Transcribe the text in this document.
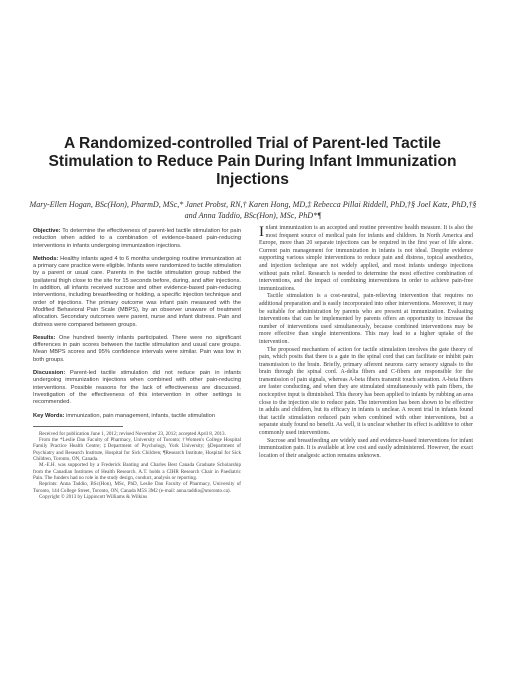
A Randomized-controlled Trial of Parent-led Tactile Stimulation to Reduce Pain During Infant Immunization Injections

Mary-Ellen Hogan, BSc(Hon), PharmD, MSc,* Janet Probst, RN,† Karen Hong, MD,‡ Rebecca Pillai Riddell, PhD,†§ Joel Katz, PhD,†§ and Anna Taddio, BSc(Hon), MSc, PhD*¶

Objective: To determine the effectiveness of parent-led tactile stimulation for pain reduction when added to a combination of evidence-based pain-reducing interventions in infants undergoing immunization injections.

Methods: Healthy infants aged 4 to 6 months undergoing routine immunization at a primary care practice were eligible. Infants were randomized to tactile stimulation by a parent or usual care. Parents in the tactile stimulation group rubbed the ipsilateral thigh close to the site for 15 seconds before, during, and after injections. In addition, all infants received sucrose and other evidence-based pain-reducing interventions, including breastfeeding or holding, a specific injection technique and order of injections. The primary outcome was infant pain measured with the Modified Behavioral Pain Scale (MBPS), by an observer unaware of treatment allocation. Secondary outcomes were parent, nurse and infant distress. Pain and distress were compared between groups.

Results: One hundred twenty infants participated. There were no significant differences in pain scores between the tactile stimulation and usual care groups. Mean MBPS scores and 95% confidence intervals were similar. Pain was low in both groups.

Discussion: Parent-led tactile stimulation did not reduce pain in infants undergoing immunization injections when combined with other pain-reducing interventions. Possible reasons for the lack of effectiveness are discussed. Investigation of the effectiveness of this intervention in other settings is recommended.

Key Words: immunization, pain management, infants, tactile stimulation

Received for publication June 1, 2012; revised November 23, 2012; accepted April 8, 2013.

From the *Leslie Dan Faculty of Pharmacy, University of Toronto; †Women's College Hospital Family Practice Health Centre; ‡Department of Psychology, York University; §Department of Psychiatry and Research Institute, Hospital for Sick Children; ¶Research Institute, Hospital for Sick Children, Toronto, ON, Canada.

M.-E.H. was supported by a Frederick Banting and Charles Best Canada Graduate Scholarship from the Canadian Institutes of Health Research. A.T. holds a CIHR Research Chair in Paediatric Pain. The funders had no role in the study design, conduct, analysis or reporting.

Reprints: Anna Taddio, BSc(Hon), MSc, PhD, Leslie Dan Faculty of Pharmacy, University of Toronto, 144 College Street, Toronto, ON, Canada M5S 3M2 (e-mail: anna.taddio@utoronto.ca).

Copyright © 2013 by Lippincott Williams & Wilkins

Infant immunization is an accepted and routine preventive health measure. It is also the most frequent source of medical pain for infants and children. In North America and Europe, more than 20 separate injections can be required in the first year of life alone. Current pain management for immunization in infants is not ideal. Despite evidence supporting various simple interventions to reduce pain and distress, topical anesthetics, and injection technique are not widely applied, and most infants undergo injections without pain relief. Research is needed to determine the most effective combination of interventions, and the impact of combining interventions in order to achieve pain-free immunizations.

Tactile stimulation is a cost-neutral, pain-relieving intervention that requires no additional preparation and is easily incorporated into other interventions. Moreover, it may be suitable for administration by parents who are present at immunization. Evaluating interventions that can be implemented by parents offers an opportunity to increase the number of interventions used simultaneously, because combined interventions may be more effective than single interventions. This may lead to a higher uptake of the intervention.

The proposed mechanism of action for tactile stimulation involves the gate theory of pain, which posits that there is a gate in the spinal cord that can facilitate or inhibit pain transmission to the brain. Briefly, primary afferent neurons carry sensory signals to the brain through the spinal cord. A-delta fibers and C-fibers are responsible for the transmission of pain signals, whereas A-beta fibers transmit touch sensation. A-beta fibers are faster conducting, and when they are stimulated simultaneously with pain fibers, the nociceptive input is diminished. This theory has been applied to infants by rubbing an area close to the injection site to reduce pain. The intervention has been shown to be effective in adults and children, but its efficacy in infants is unclear. A recent trial in infants found that tactile stimulation reduced pain when combined with other interventions, but a separate study found no benefit. As well, it is unclear whether its effect is additive to other commonly used interventions.

Sucrose and breastfeeding are widely used and evidence-based interventions for infant immunization pain. It is available at low cost and easily administered. However, the exact location of their analgesic action remains unknown.
